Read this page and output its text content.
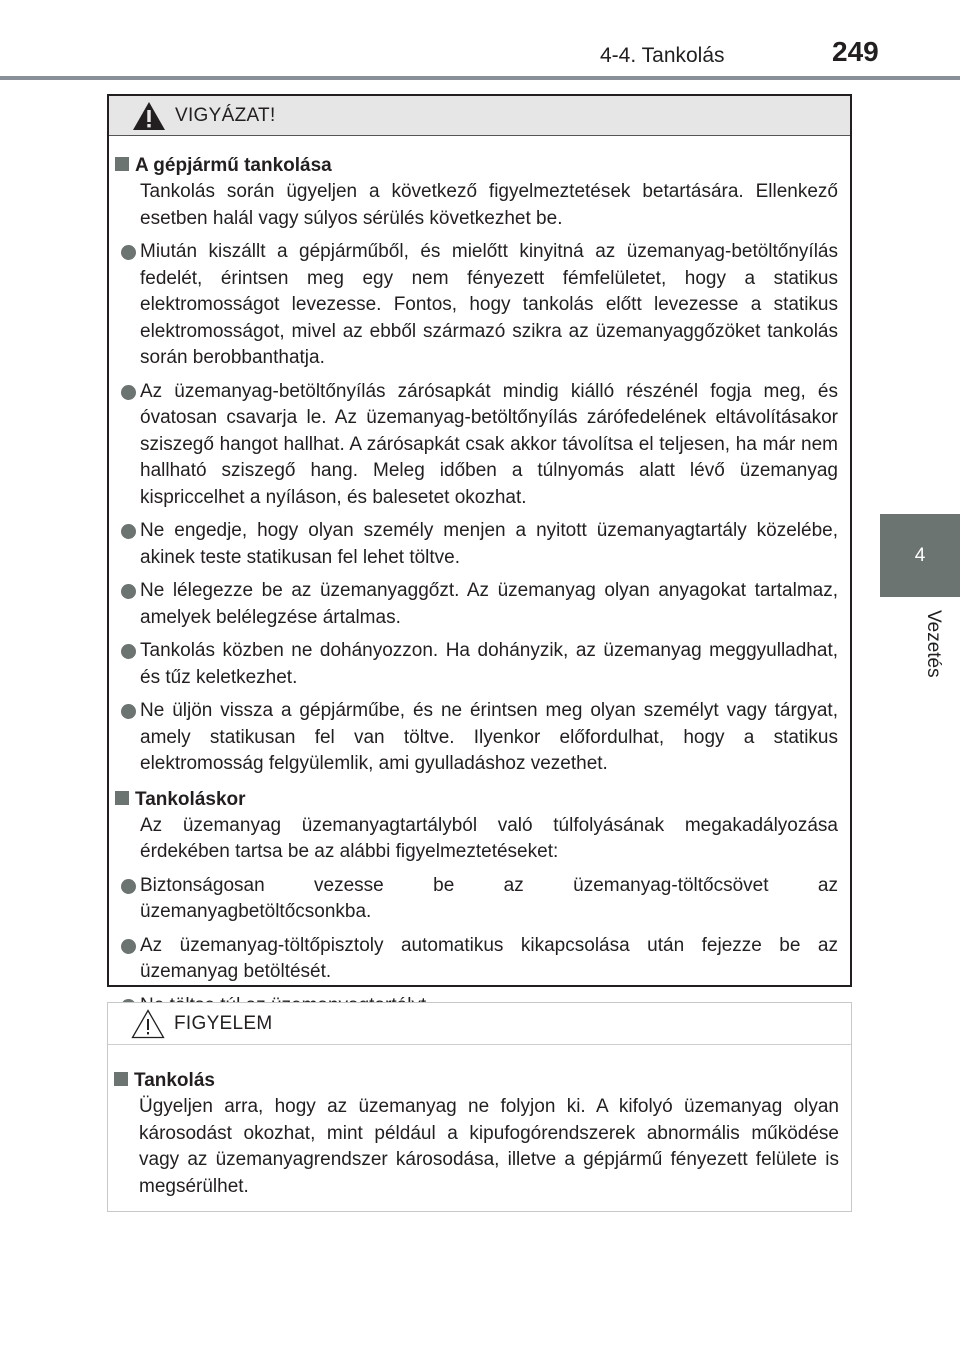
4-4. Tankolás	249
4
Vezetés
VIGYÁZAT!
A gépjármű tankolása

Tankolás során ügyeljen a következő figyelmeztetések betartására. Ellenkező esetben halál vagy súlyos sérülés következhet be.

Miután kiszállt a gépjárműből, és mielőtt kinyitná az üzemanyag-betöltőnyílás fedelét, érintsen meg egy nem fényezett fémfelületet, hogy a statikus elektromosságot levezesse. Fontos, hogy tankolás előtt levezesse a statikus elektromosságot, mivel az ebből származó szikra az üzemanyaggőzöket tankolás során berobbanthatja.

Az üzemanyag-betöltőnyílás zárósapkát mindig kiálló részénél fogja meg, és óvatosan csavarja le. Az üzemanyag-betöltőnyílás zárófedelének eltávolításakor sziszegő hangot hallhat. A zárósapkát csak akkor távolítsa el teljesen, ha már nem hallható sziszegő hang. Meleg időben a túlnyomás alatt lévő üzemanyag kispriccelhet a nyíláson, és balesetet okozhat.

Ne engedje, hogy olyan személy menjen a nyitott üzemanyagtartály közelébe, akinek teste statikusan fel lehet töltve.

Ne lélegezze be az üzemanyaggőzt. Az üzemanyag olyan anyagokat tartalmaz, amelyek belélegzése ártalmas.

Tankolás közben ne dohányozzon. Ha dohányzik, az üzemanyag meggyulladhat, és tűz keletkezhet.

Ne üljön vissza a gépjárműbe, és ne érintsen meg olyan személyt vagy tárgyat, amely statikusan fel van töltve. Ilyenkor előfordulhat, hogy a statikus elektromosság felgyülemlik, ami gyulladáshoz vezethet.

Tankoláskor

Az üzemanyag üzemanyagtartályból való túlfolyásának megakadályozása érdekében tartsa be az alábbi figyelmeztetéseket:

Biztonságosan vezesse be az üzemanyag-töltőcsövet az üzemanyagbetöltőcsonkba.

Az üzemanyag-töltőpisztoly automatikus kikapcsolása után fejezze be az üzemanyag betöltését.

FIGYELEM
Tankolás

Ügyeljen arra, hogy az üzemanyag ne folyjon ki. A kifolyó üzemanyag olyan károsodást okozhat, mint például a kipufogórendszerek abnormális működése vagy az üzemanyagrendszer károsodása, illetve a gépjármű fényezett felülete is megsérülhet.
